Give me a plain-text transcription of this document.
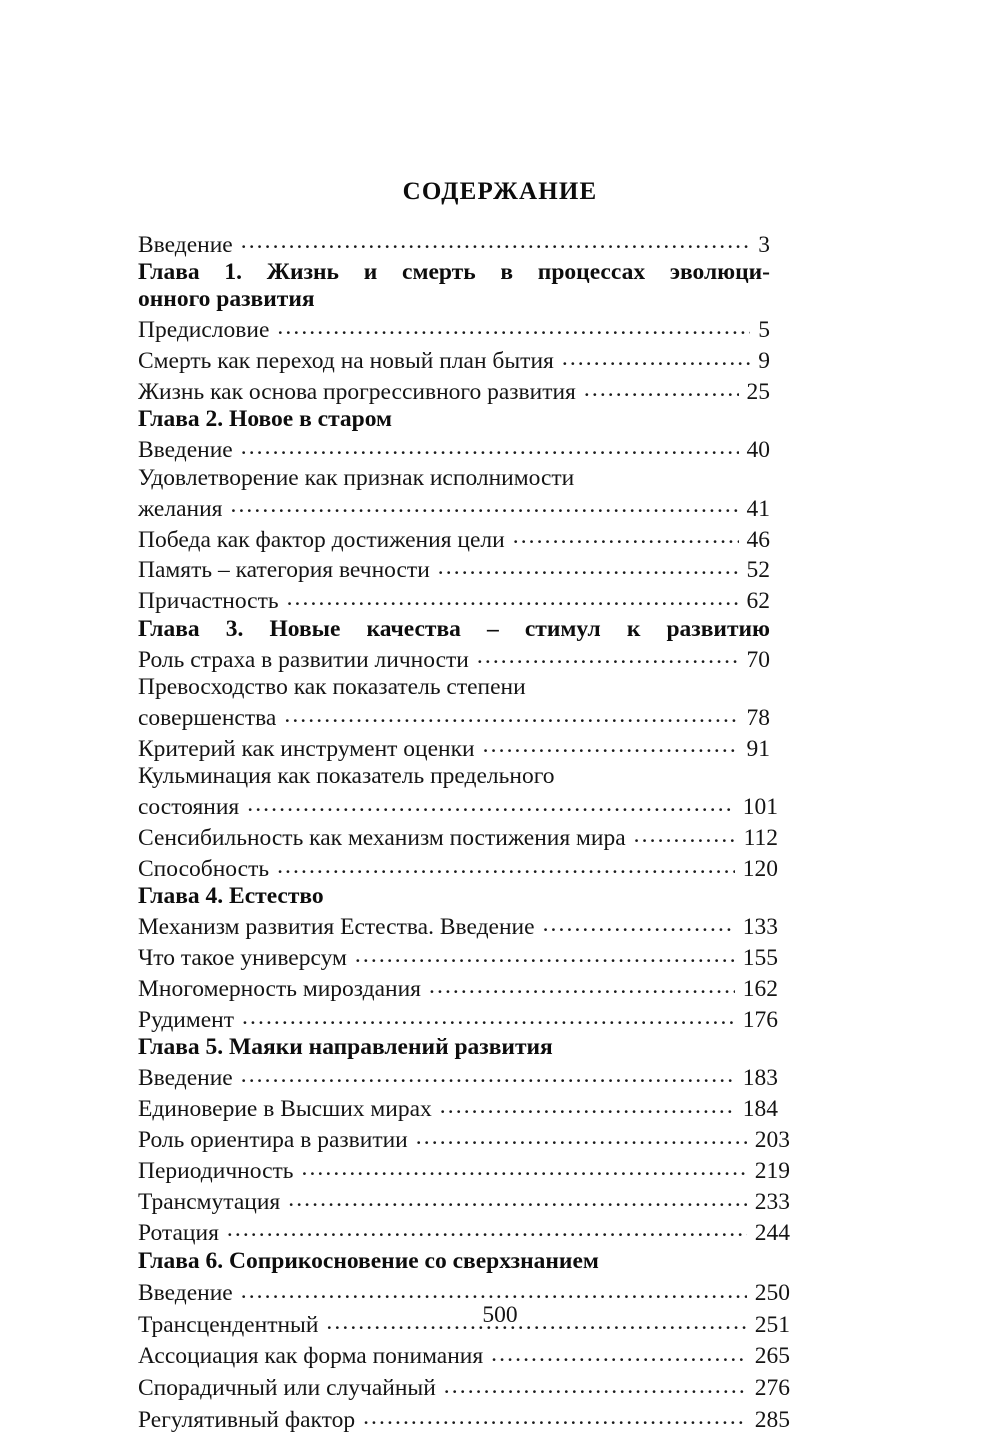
СОДЕРЖАНИЕ
Введение .....	3
Глава 1. Жизнь и смерть в процессах эволюци-
онного развития
Предисловие .....	5
Смерть как переход на новый план бытия .....	9
Жизнь как основа прогрессивного развития .....	25
Глава 2. Новое в старом
Введение .....	40
Удовлетворение как признак исполнимости
желания .....	41
Победа как фактор достижения цели .....	46
Память – категория вечности .....	52
Причастность .....	62
Глава 3. Новые качества – стимул к развитию
Роль страха в развитии личности .....	70
Превосходство как показатель степени
совершенства .....	78
Критерий как инструмент оценки .....	91
Кульминация как показатель предельного
состояния .....	101
Сенсибильность как механизм постижения мира .....	112
Способность .....	120
Глава 4. Естество
Механизм развития Естества. Введение .....	133
Что такое универсум .....	155
Многомерность мироздания .....	162
Рудимент .....	176
Глава 5. Маяки направлений развития
Введение .....	183
Единоверие в Высших мирах .....	184
Роль ориентира в развитии .....	203
Периодичность .....	219
Трансмутация .....	233
Ротация .....	244
Глава 6. Соприкосновение со сверхзнанием
Введение .....	250
Трансцендентный .....	251
Ассоциация как форма понимания .....	265
Спорадичный или случайный .....	276
Регулятивный фактор .....	285
500
